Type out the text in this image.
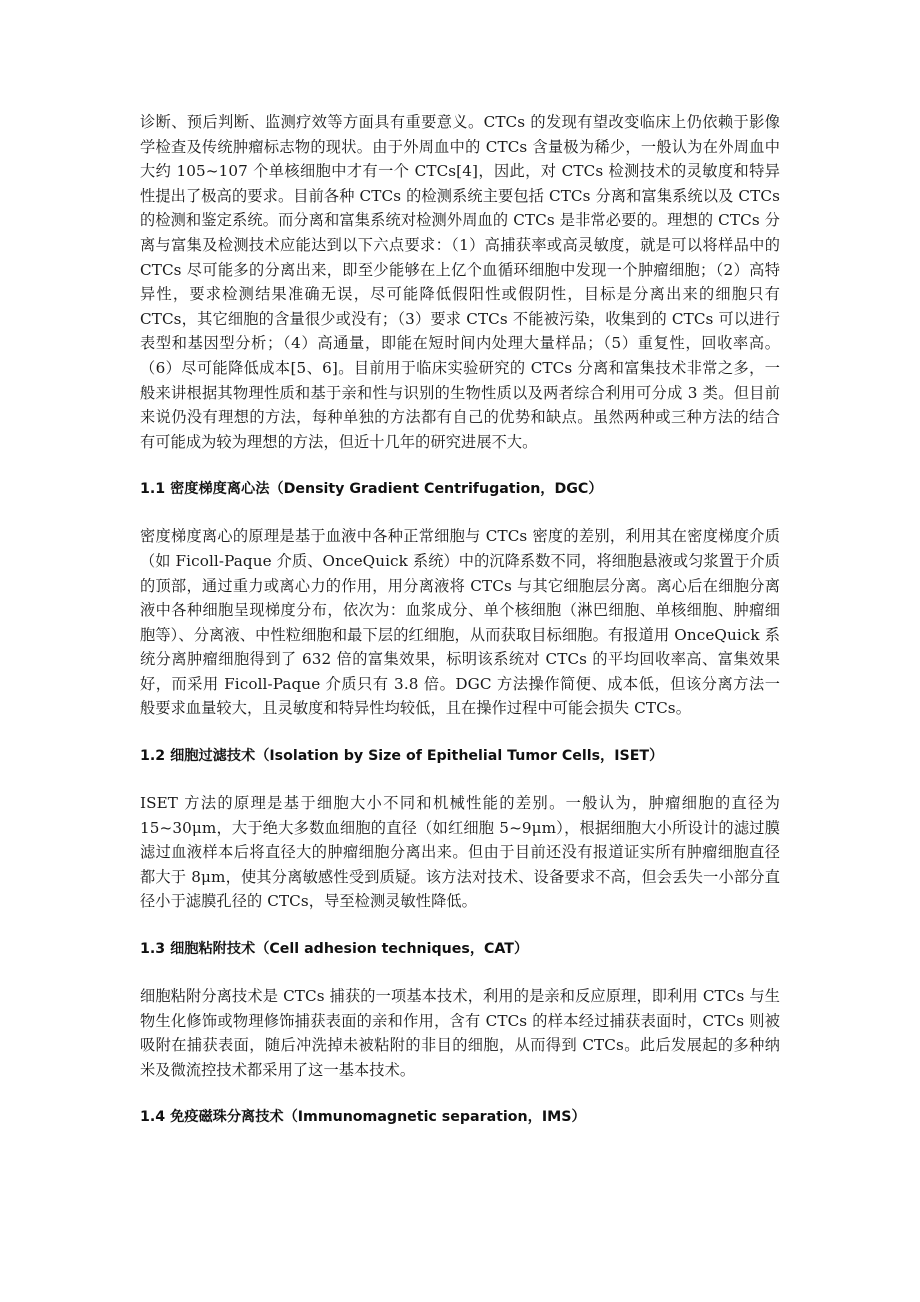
诊断、预后判断、监测疗效等方面具有重要意义。CTCs 的发现有望改变临床上仍依赖于影像学检查及传统肿瘤标志物的现状。由于外周血中的 CTCs 含量极为稀少，一般认为在外周血中大约 105~107 个单核细胞中才有一个 CTCs[4]，因此，对 CTCs 检测技术的灵敏度和特异性提出了极高的要求。目前各种 CTCs 的检测系统主要包括 CTCs 分离和富集系统以及 CTCs 的检测和鉴定系统。而分离和富集系统对检测外周血的 CTCs 是非常必要的。理想的 CTCs 分离与富集及检测技术应能达到以下六点要求：（1）高捕获率或高灵敏度，就是可以将样品中的 CTCs 尽可能多的分离出来，即至少能够在上亿个血循环细胞中发现一个肿瘤细胞；（2）高特异性，要求检测结果准确无误，尽可能降低假阳性或假阴性，目标是分离出来的细胞只有 CTCs，其它细胞的含量很少或没有；（3）要求 CTCs 不能被污染，收集到的 CTCs 可以进行表型和基因型分析；（4）高通量，即能在短时间内处理大量样品；（5）重复性，回收率高。（6）尽可能降低成本[5、6]。目前用于临床实验研究的 CTCs 分离和富集技术非常之多，一般来讲根据其物理性质和基于亲和性与识别的生物性质以及两者综合利用可分成 3 类。但目前来说仍没有理想的方法，每种单独的方法都有自己的优势和缺点。虽然两种或三种方法的结合有可能成为较为理想的方法，但近十几年的研究进展不大。

1.1 密度梯度离心法（Density Gradient Centrifugation，DGC）

密度梯度离心的原理是基于血液中各种正常细胞与 CTCs 密度的差别，利用其在密度梯度介质（如 Ficoll-Paque 介质、OnceQuick 系统）中的沉降系数不同，将细胞悬液或匀浆置于介质的顶部，通过重力或离心力的作用，用分离液将 CTCs 与其它细胞层分离。离心后在细胞分离液中各种细胞呈现梯度分布，依次为：血浆成分、单个核细胞（淋巴细胞、单核细胞、肿瘤细胞等）、分离液、中性粒细胞和最下层的红细胞，从而获取目标细胞。有报道用 OnceQuick 系统分离肿瘤细胞得到了 632 倍的富集效果，标明该系统对 CTCs 的平均回收率高、富集效果好，而采用 Ficoll-Paque 介质只有 3.8 倍。DGC 方法操作简便、成本低，但该分离方法一般要求血量较大，且灵敏度和特异性均较低，且在操作过程中可能会损失 CTCs。

1.2 细胞过滤技术（Isolation by Size of Epithelial Tumor Cells，ISET）

ISET 方法的原理是基于细胞大小不同和机械性能的差别。一般认为，肿瘤细胞的直径为 15~30μm，大于绝大多数血细胞的直径（如红细胞 5~9μm），根据细胞大小所设计的滤过膜滤过血液样本后将直径大的肿瘤细胞分离出来。但由于目前还没有报道证实所有肿瘤细胞直径都大于 8μm，使其分离敏感性受到质疑。该方法对技术、设备要求不高，但会丢失一小部分直径小于滤膜孔径的 CTCs，导至检测灵敏性降低。

1.3 细胞粘附技术（Cell adhesion techniques，CAT）

细胞粘附分离技术是 CTCs 捕获的一项基本技术，利用的是亲和反应原理，即利用 CTCs 与生物生化修饰或物理修饰捕获表面的亲和作用，含有 CTCs 的样本经过捕获表面时，CTCs 则被吸附在捕获表面，随后冲洗掉未被粘附的非目的细胞，从而得到 CTCs。此后发展起的多种纳米及微流控技术都采用了这一基本技术。

1.4 免疫磁珠分离技术（Immunomagnetic separation，IMS）
